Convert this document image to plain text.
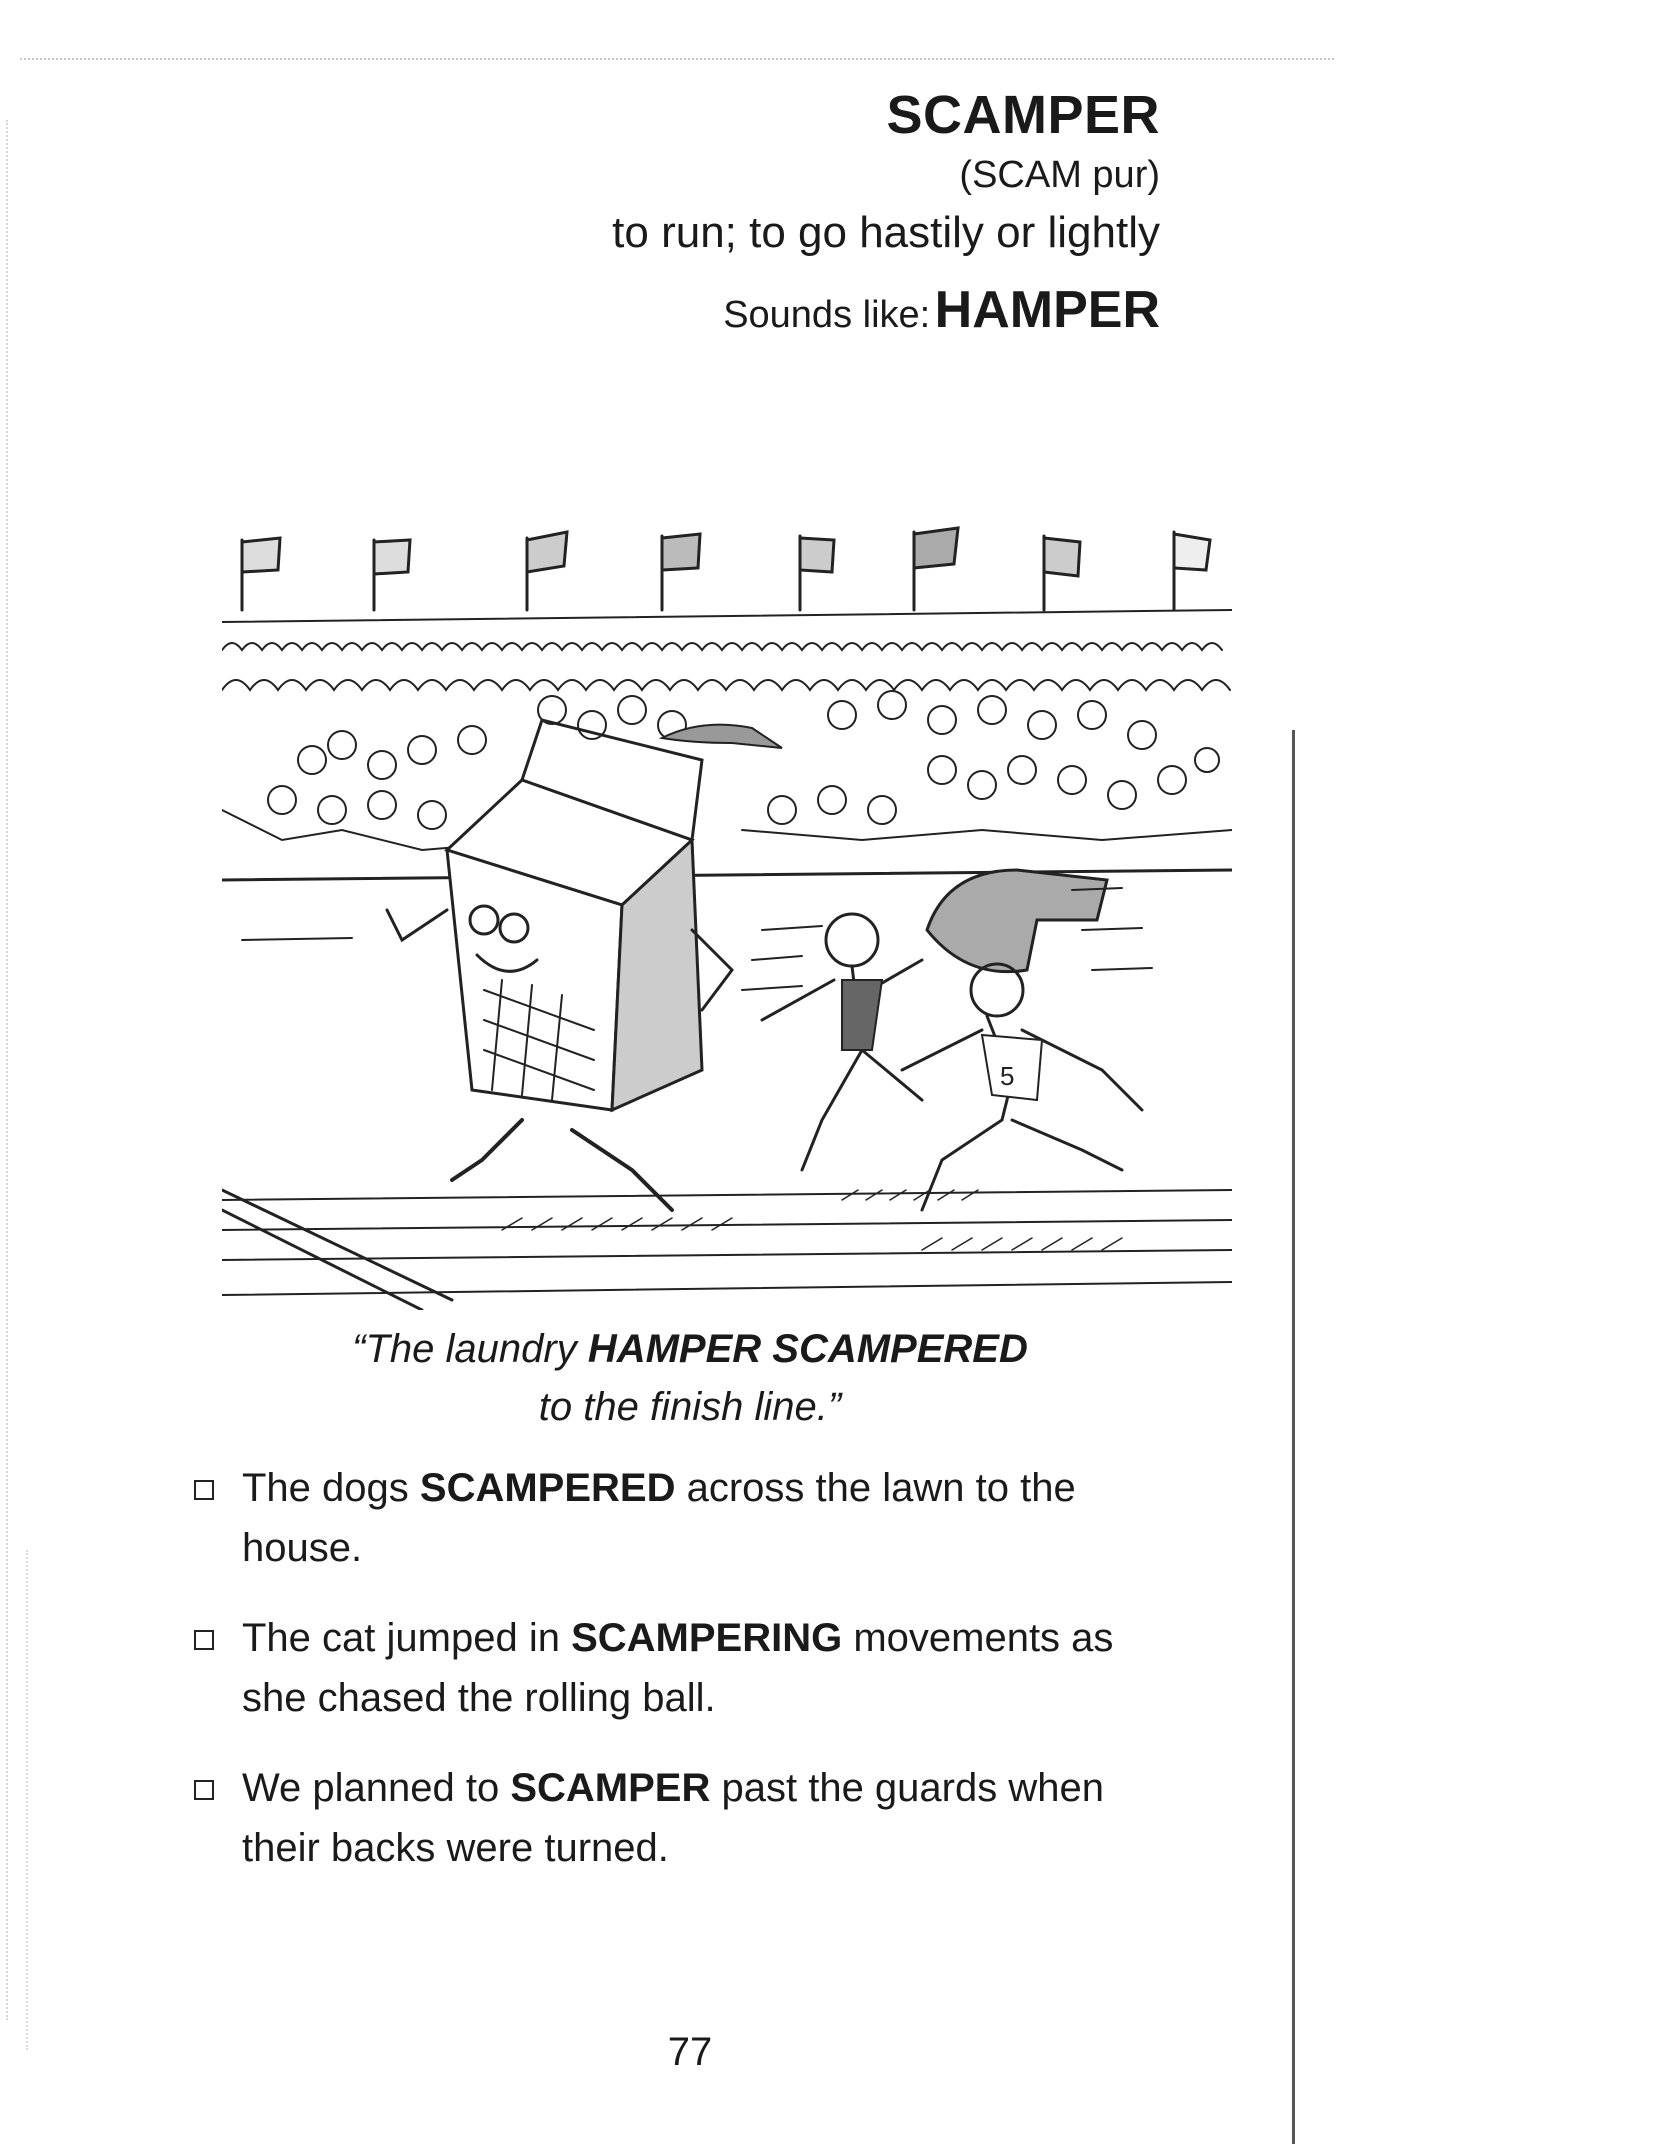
SCAMPER
(SCAM pur)
to run; to go hastily or lightly
Sounds like: HAMPER
5
“The laundry HAMPER SCAMPERED
to the finish line.”
The dogs SCAMPERED across the lawn to the house.
The cat jumped in SCAMPERING movements as she chased the rolling ball.
We planned to SCAMPER past the guards when their backs were turned.
77
